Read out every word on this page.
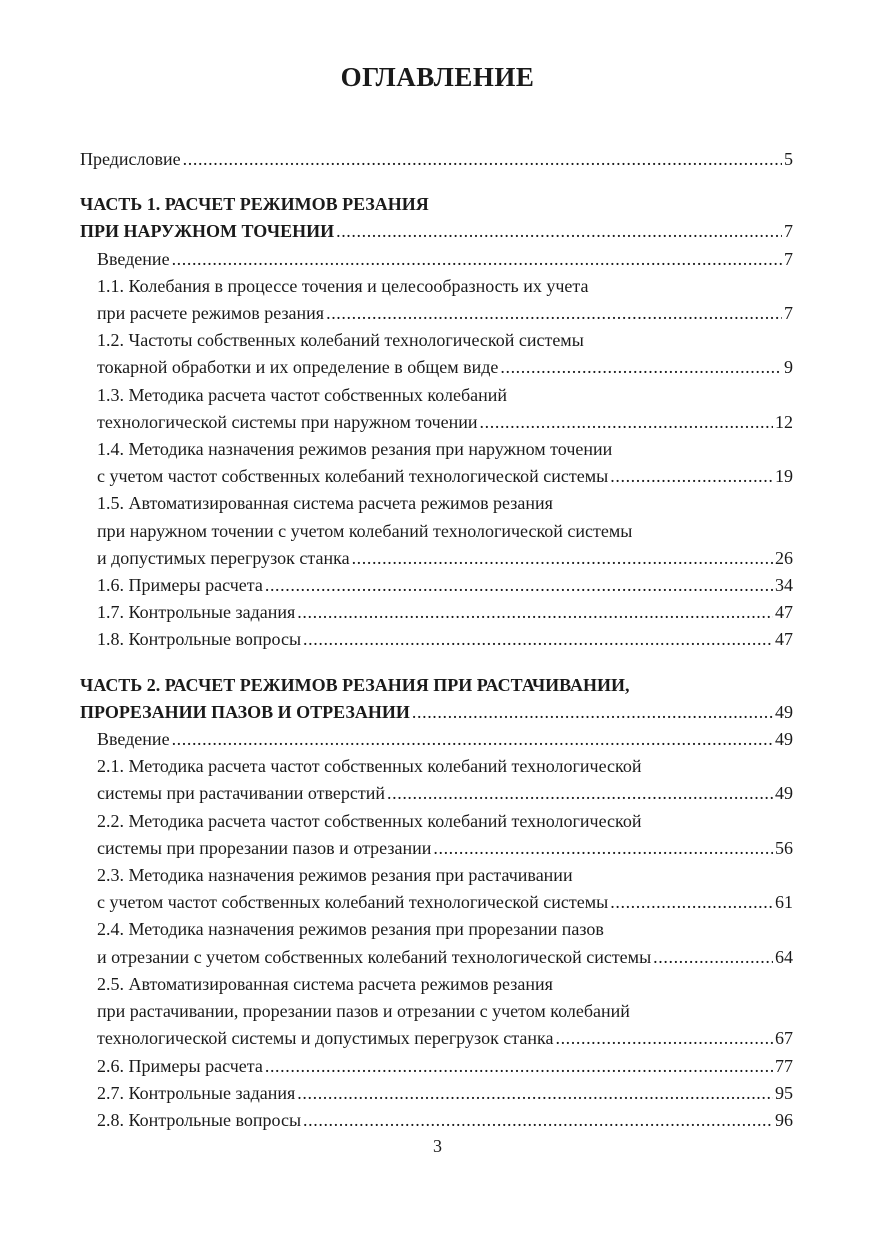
ОГЛАВЛЕНИЕ
Предисловие .....	5
ЧАСТЬ 1. РАСЧЕТ РЕЖИМОВ РЕЗАНИЯ
ПРИ НАРУЖНОМ ТОЧЕНИИ .....	7
Введение .....	7
1.1. Колебания в процессе точения и целесообразность их учета
при расчете режимов резания .....	7
1.2. Частоты собственных колебаний технологической системы
токарной обработки и их определение в общем виде .....	9
1.3. Методика расчета частот собственных колебаний
технологической системы при наружном точении .....	12
1.4. Методика назначения режимов резания при наружном точении
с учетом частот собственных колебаний технологической системы .....	19
1.5. Автоматизированная система расчета режимов резания
при наружном точении с учетом колебаний технологической системы
и допустимых перегрузок станка .....	26
1.6. Примеры расчета .....	34
1.7. Контрольные задания .....	47
1.8. Контрольные вопросы .....	47
ЧАСТЬ 2. РАСЧЕТ РЕЖИМОВ РЕЗАНИЯ ПРИ РАСТАЧИВАНИИ,
ПРОРЕЗАНИИ ПАЗОВ И ОТРЕЗАНИИ .....	49
Введение .....	49
2.1. Методика расчета частот собственных колебаний технологической
системы при растачивании отверстий .....	49
2.2. Методика расчета частот собственных колебаний технологической
системы при прорезании пазов и отрезании .....	56
2.3. Методика назначения режимов резания при растачивании
с учетом частот собственных колебаний технологической системы .....	61
2.4. Методика назначения режимов резания при прорезании пазов
и отрезании с учетом собственных колебаний технологической системы .....	64
2.5. Автоматизированная система расчета режимов резания
при растачивании, прорезании пазов и отрезании с учетом колебаний
технологической системы и допустимых перегрузок станка .....	67
2.6. Примеры расчета .....	77
2.7. Контрольные задания .....	95
2.8. Контрольные вопросы .....	96
3
